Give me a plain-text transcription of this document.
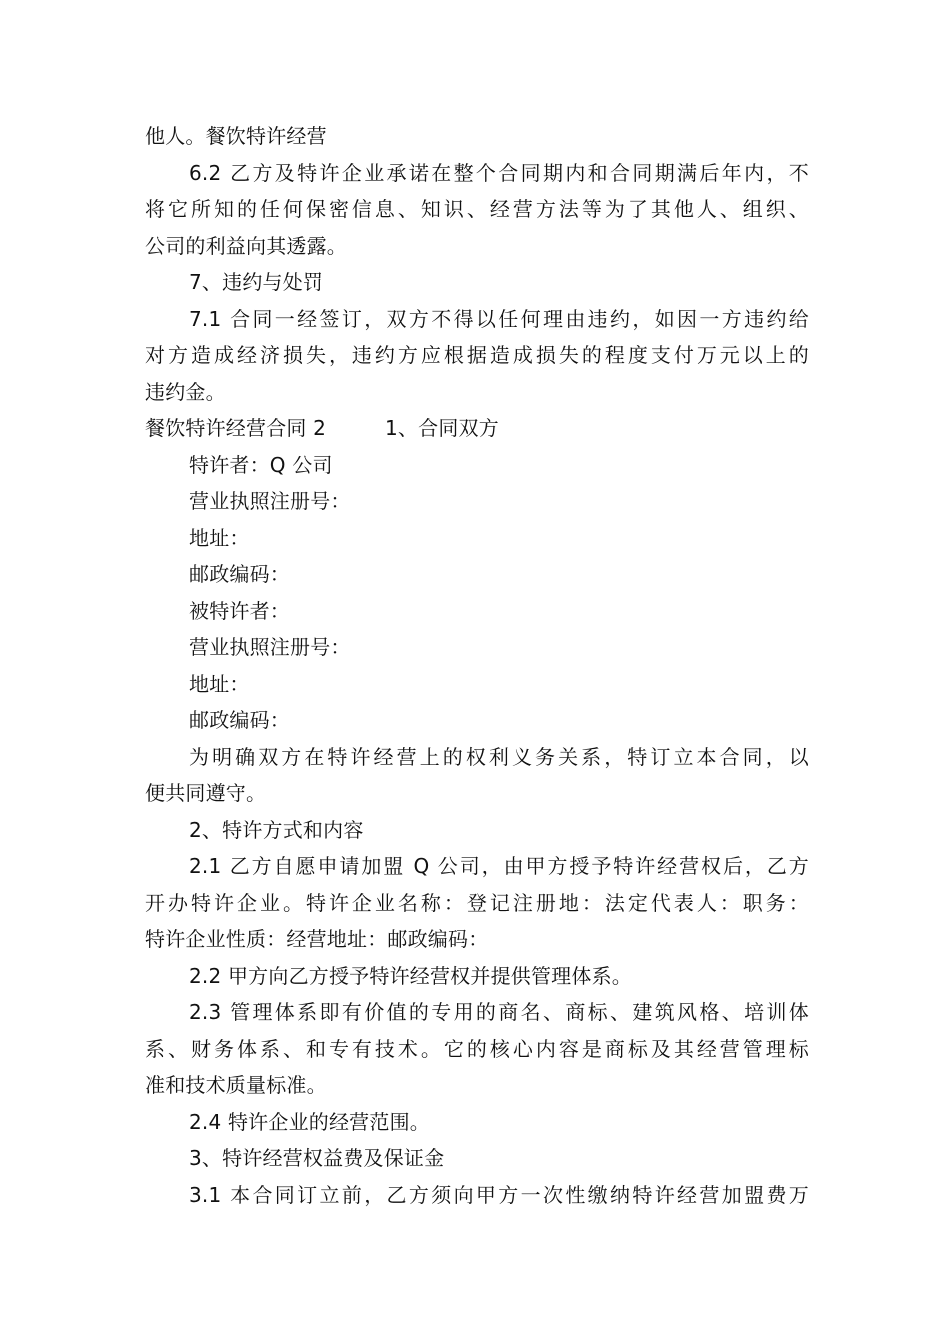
他人。餐饮特许经营
6.2 乙方及特许企业承诺在整个合同期内和合同期满后年内，不
将它所知的任何保密信息、知识、经营方法等为了其他人、组织、
公司的利益向其透露。
7、违约与处罚
7.1 合同一经签订，双方不得以任何理由违约，如因一方违约给
对方造成经济损失，违约方应根据造成损失的程度支付万元以上的
违约金。
餐饮特许经营合同 2	1、合同双方
特许者：Q 公司
营业执照注册号：
地址：
邮政编码：
被特许者：
营业执照注册号：
地址：
邮政编码：
为明确双方在特许经营上的权利义务关系，特订立本合同，以
便共同遵守。
2、特许方式和内容
2.1 乙方自愿申请加盟 Q 公司，由甲方授予特许经营权后，乙方
开办特许企业。特许企业名称：登记注册地：法定代表人：职务：
特许企业性质：经营地址：邮政编码：
2.2 甲方向乙方授予特许经营权并提供管理体系。
2.3 管理体系即有价值的专用的商名、商标、建筑风格、培训体
系、财务体系、和专有技术。它的核心内容是商标及其经营管理标
准和技术质量标准。
2.4 特许企业的经营范围。
3、特许经营权益费及保证金
3.1 本合同订立前，乙方须向甲方一次性缴纳特许经营加盟费万
